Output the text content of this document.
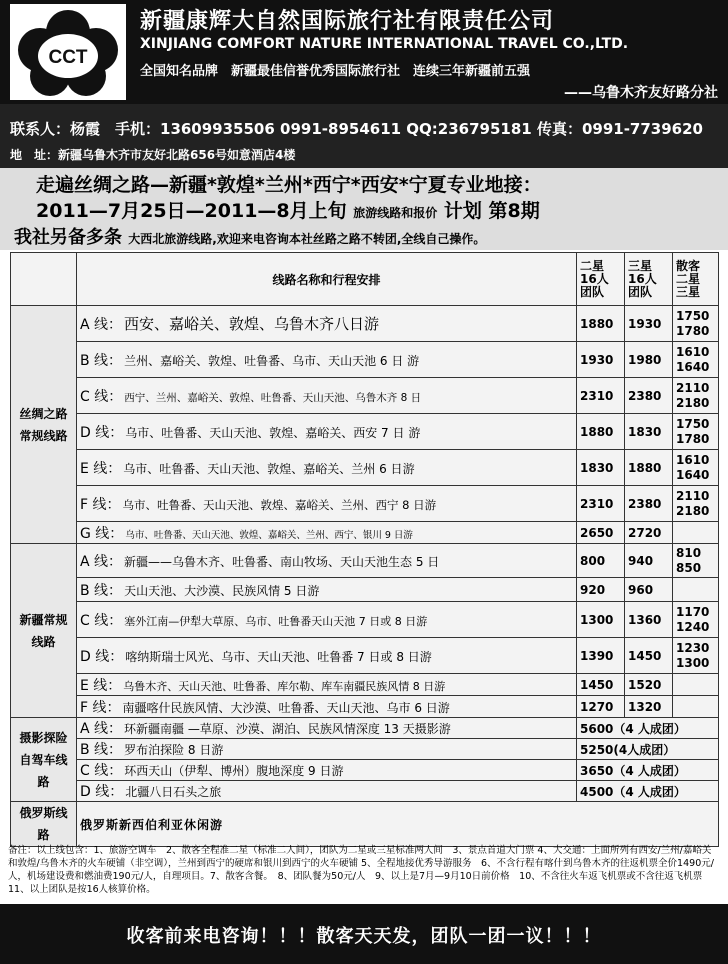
CCT
新疆康辉大自然国际旅行社有限责任公司
XINJIANG COMFORT NATURE INTERNATIONAL TRAVEL CO.,LTD.
全国知名品牌　新疆最佳信誉优秀国际旅行社　连续三年新疆前五强
——乌鲁木齐友好路分社
联系人：杨霞　手机：13609935506 0991-8954611 QQ:236795181 传真：0991-7739620
地　址：新疆乌鲁木齐市友好北路656号如意酒店4楼
走遍丝绸之路—新疆*敦煌*兰州*西宁*西安*宁夏专业地接：
2011—7月25日—2011—8月上旬 旅游线路和报价 计划 第8期
我社另备多条 大西北旅游线路,欢迎来电咨询本社丝路之路不转团,全线自己操作。
	线路名称和行程安排	二星 16人 团队	三星 16人 团队	散客 二星 三星
丝绸之路常规线路	A 线： 西安、嘉峪关、敦煌、乌鲁木齐八日游	1880	1930	1750 1780
	B 线： 兰州、嘉峪关、敦煌、吐鲁番、乌市、天山天池 6 日 游	1930	1980	1610 1640
	C 线： 西宁、兰州、嘉峪关、敦煌、吐鲁番、天山天池、乌鲁木齐 8 日	2310	2380	2110 2180
	D 线： 乌市、吐鲁番、天山天池、敦煌、嘉峪关、西安 7 日 游	1880	1830	1750 1780
	E 线： 乌市、吐鲁番、天山天池、敦煌、嘉峪关、兰州 6 日游	1830	1880	1610 1640
	F 线： 乌市、吐鲁番、天山天池、敦煌、嘉峪关、兰州、西宁 8 日游	2310	2380	2110 2180
	G 线： 乌市、吐鲁番、天山天池、敦煌、嘉峪关、兰州、西宁、银川 9 日游	2650	2720	
新疆常规线路	A 线： 新疆——乌鲁木齐、吐鲁番、南山牧场、天山天池生态 5 日	800	940	810 850
	B 线： 天山天池、大沙漠、民族风情 5 日游	920	960	
	C 线： 塞外江南—伊犁大草原、乌市、吐鲁番天山天池 7 日或 8 日游	1300	1360	1170 1240
	D 线： 喀纳斯瑞士风光、乌市、天山天池、吐鲁番 7 日或 8 日游	1390	1450	1230 1300
	E 线： 乌鲁木齐、天山天池、吐鲁番、库尔勒、库车南疆民族风情 8 日游	1450	1520	
	F 线： 南疆喀什民族风情、大沙漠、吐鲁番、天山天池、乌市 6 日游	1270	1320	
摄影探险自驾车线路	A 线： 环新疆南疆 —草原、沙漠、湖泊、民族风情深度 13 天摄影游	5600（4 人成团）		
	B 线： 罗布泊探险 8 日游	5250(4人成团）		
	C 线： 环西天山（伊犁、博州）腹地深度 9 日游	3650（4 人成团）		
	D 线： 北疆八日石头之旅	4500（4 人成团）		
俄罗斯线路	俄罗斯新西伯利亚休闲游			
备注：以上线包含：1、旅游空调车　2、散客全程准二星（标准二人间），团队为二星或三星标准两人间　3、景点首道大门票 4、大交通：上面所列有西安/兰州/嘉峪关和敦煌/乌鲁木齐的火车硬铺（非空调），兰州到西宁的硬席和银川到西宁的火车硬铺 5、全程地接优秀导游服务　6、不含行程有喀什到乌鲁木齐的往返机票全价1490元/人，机场建设费和燃油费190元/人，自理项目。7、散客含餐。　8、团队餐为50元/人　9、以上是7月—9月10日前价格　10、不含往火车返飞机票或不含往返飞机票　11、以上团队是按16人核算价格。
收客前来电咨询！！！散客天天发，团队一团一议！！！
